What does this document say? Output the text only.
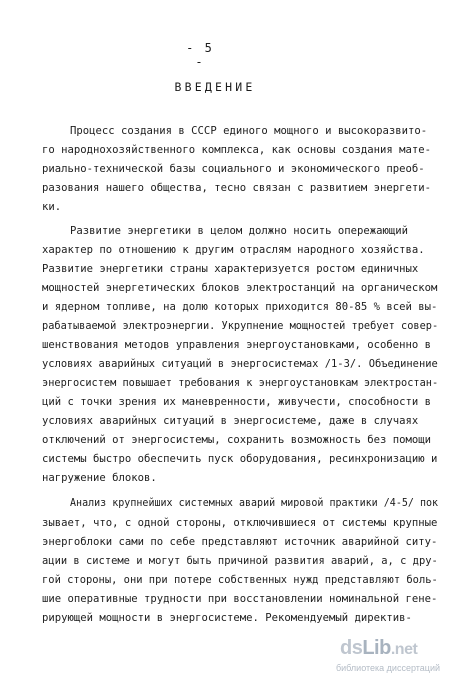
- 5 -
ВВЕДЕНИЕ
Процесс создания в СССР единого мощного и высокоразвито-
го народнохозяйственного комплекса, как основы создания мате-
риально-технической базы социального и экономического преоб-
разования нашего общества, тесно связан с развитием энергети-
ки.
Развитие энергетики в целом должно носить опережающий
характер по отношению к другим отраслям народного хозяйства.
Развитие энергетики страны характеризуется ростом единичных
мощностей энергетических блоков электростанций на органическом
и ядерном топливе, на долю которых приходится 80-85 % всей вы-
рабатываемой электроэнергии. Укрупнение мощностей требует совер-
шенствования методов управления энергоустановками, особенно в
условиях аварийных ситуаций в энергосистемах /1-3/. Объединение
энергосистем повышает требования к энергоустановкам электростан-
ций с точки зрения их маневренности, живучести, способности в
условиях аварийных ситуаций в энергосистеме, даже в случаях
отключений от энергосистемы, сохранить возможность без помощи
системы быстро обеспечить пуск оборудования, ресинхронизацию и
нагружение блоков.
Анализ крупнейших системных аварий мировой практики /4-5/ пок
зывает, что, с одной стороны, отключившиеся от системы крупные
энергоблоки сами по себе представляют источник аварийной ситу-
ации в системе и могут быть причиной развития аварий, а, с дру-
гой стороны, они при потере собственных нужд представляют боль-
шие оперативные трудности при восстановлении номинальной гене-
рирующей мощности в энергосистеме. Рекомендуемый директив-
dsLib.net
библиотека диссертаций
